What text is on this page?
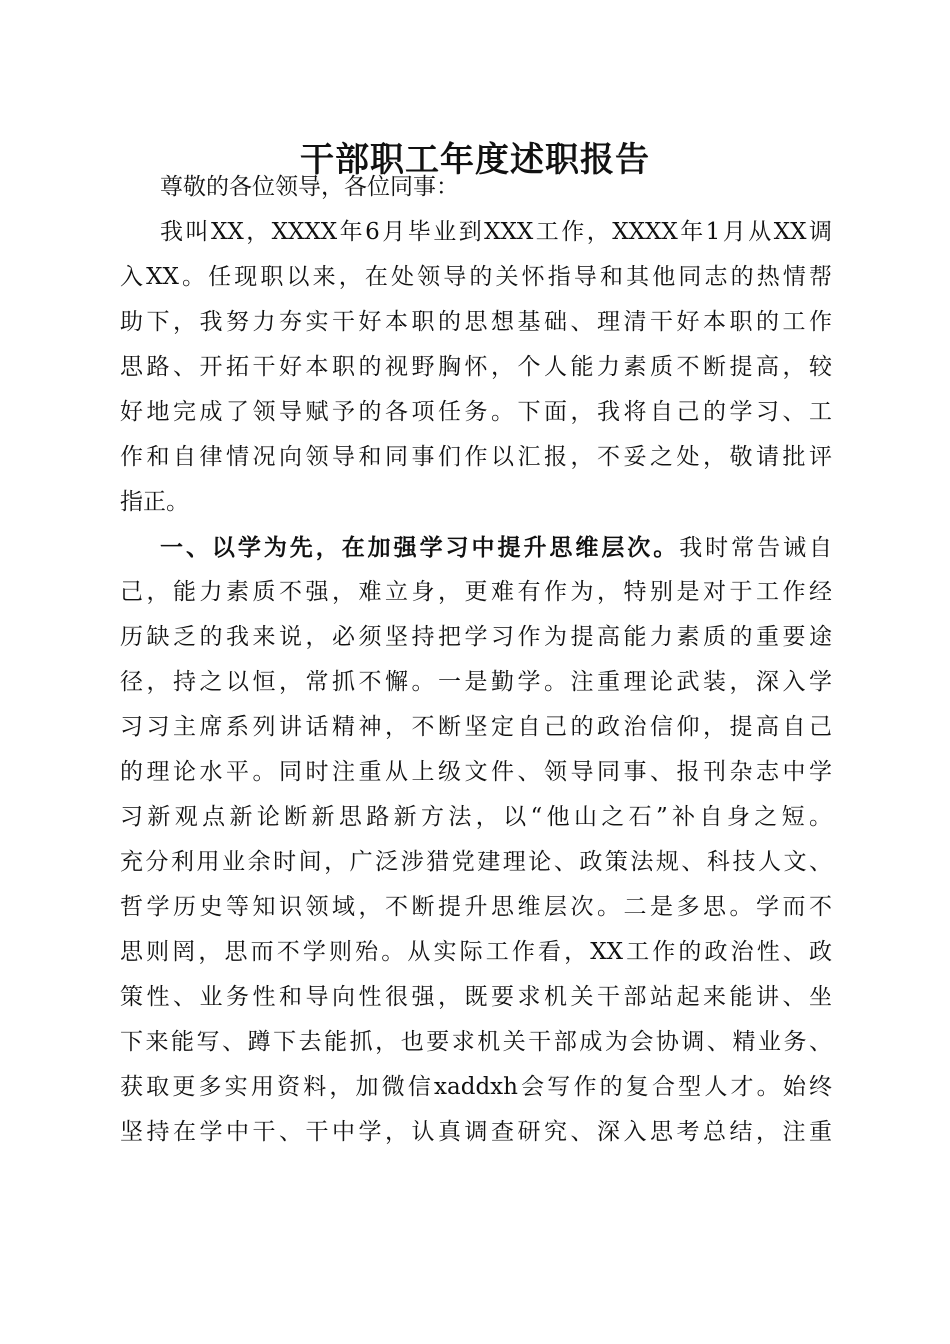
干部职工年度述职报告
尊敬的各位领导，各位同事：
我叫XX，XXXX年6月毕业到XXX工作，XXXX年1月从XX调
入XX。任现职以来，在处领导的关怀指导和其他同志的热情帮
助下，我努力夯实干好本职的思想基础、理清干好本职的工作
思路、开拓干好本职的视野胸怀，个人能力素质不断提高，较
好地完成了领导赋予的各项任务。下面，我将自己的学习、工
作和自律情况向领导和同事们作以汇报，不妥之处，敬请批评
指正。
一、以学为先，在加强学习中提升思维层次。我时常告诫自
己，能力素质不强，难立身，更难有作为，特别是对于工作经
历缺乏的我来说，必须坚持把学习作为提高能力素质的重要途
径，持之以恒，常抓不懈。一是勤学。注重理论武装，深入学
习习主席系列讲话精神，不断坚定自己的政治信仰，提高自己
的理论水平。同时注重从上级文件、领导同事、报刊杂志中学
习新观点新论断新思路新方法，以“他山之石”补自身之短。
充分利用业余时间，广泛涉猎党建理论、政策法规、科技人文、
哲学历史等知识领域，不断提升思维层次。二是多思。学而不
思则罔，思而不学则殆。从实际工作看，XX工作的政治性、政
策性、业务性和导向性很强，既要求机关干部站起来能讲、坐
下来能写、蹲下去能抓，也要求机关干部成为会协调、精业务、
获取更多实用资料，加微信xaddxh会写作的复合型人才。始终
坚持在学中干、干中学，认真调查研究、深入思考总结，注重
